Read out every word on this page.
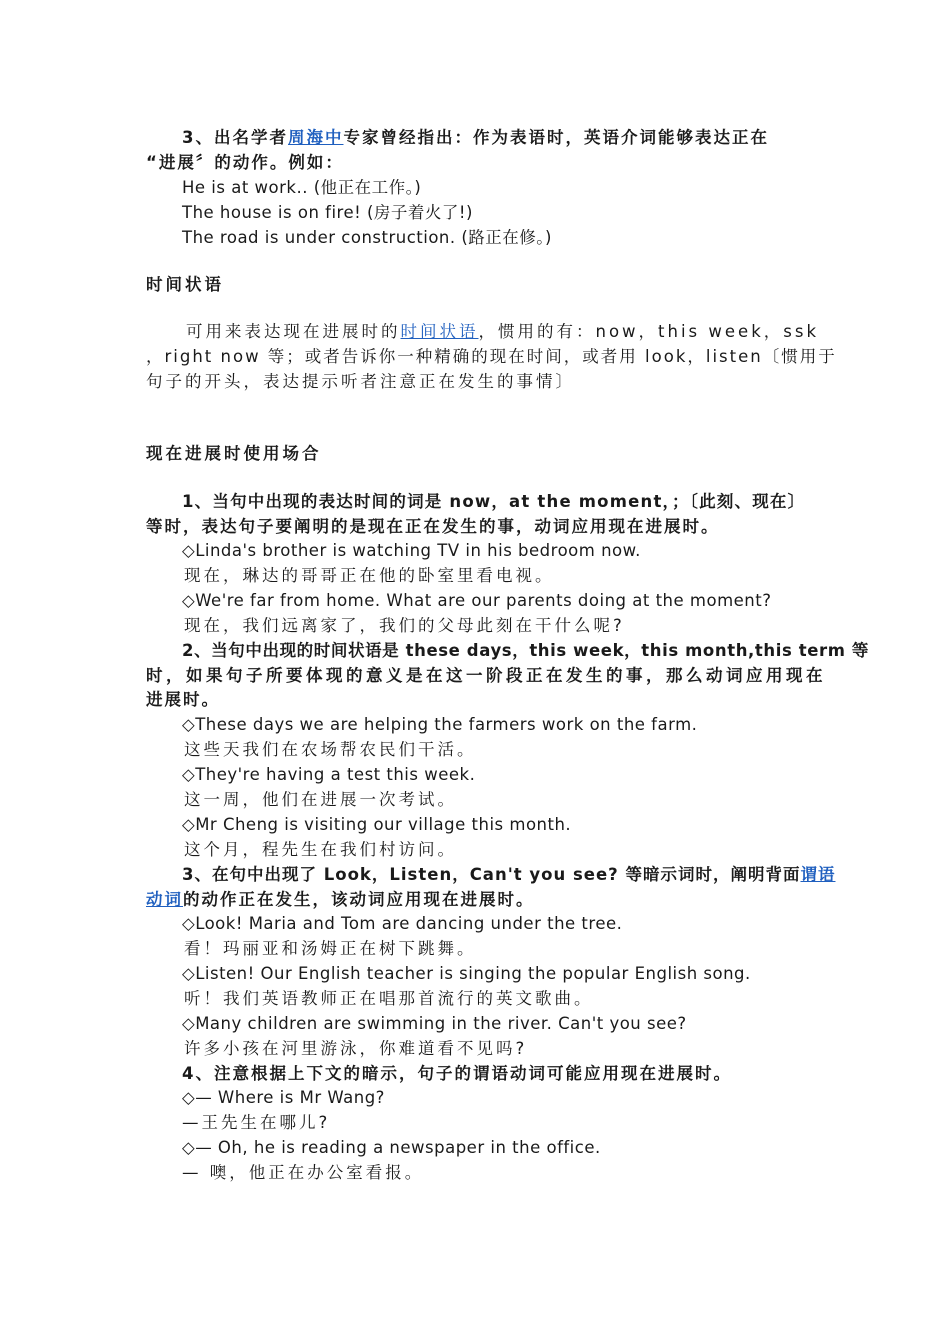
3、出名学者周海中专家曾经指出：作为表语时，英语介词能够表达正在
“进展〞的动作。例如：
He is at work.. (他正在工作。)
The house is on fire! (房子着火了!)
The road is under construction. (路正在修。)
时间状语
可用来表达现在进展时的时间状语，惯用的有：now，this week，ssk
，right now 等；或者告诉你一种精确的现在时间，或者用 look，listen〔惯用于
句子的开头，表达提示听者注意正在发生的事情〕
现在进展时使用场合
1、当句中出现的表达时间的词是 now，at the moment，；〔此刻、现在〕
等时，表达句子要阐明的是现在正在发生的事，动词应用现在进展时。
◇Linda's brother is watching TV in his bedroom now.
现在，琳达的哥哥正在他的卧室里看电视。
◇We're far from home. What are our parents doing at the moment?
现在，我们远离家了，我们的父母此刻在干什么呢?
2、当句中出现的时间状语是 these days，this week，this month,this term 等
时，如果句子所要体现的意义是在这一阶段正在发生的事，那么动词应用现在
进展时。
◇These days we are helping the farmers work on the farm.
这些天我们在农场帮农民们干活。
◇They're having a test this week.
这一周，他们在进展一次考试。
◇Mr Cheng is visiting our village this month.
这个月，程先生在我们村访问。
3、在句中出现了 Look，Listen，Can't you see? 等暗示词时，阐明背面谓语
动词的动作正在发生，该动词应用现在进展时。
◇Look! Maria and Tom are dancing under the tree.
看！玛丽亚和汤姆正在树下跳舞。
◇Listen! Our English teacher is singing the popular English song.
听！我们英语教师正在唱那首流行的英文歌曲。
◇Many children are swimming in the river. Can't you see?
许多小孩在河里游泳，你难道看不见吗?
4、注意根据上下文的暗示，句子的谓语动词可能应用现在进展时。
◇— Where is Mr Wang?
—王先生在哪儿?
◇— Oh, he is reading a newspaper in the office.
— 噢，他正在办公室看报。
